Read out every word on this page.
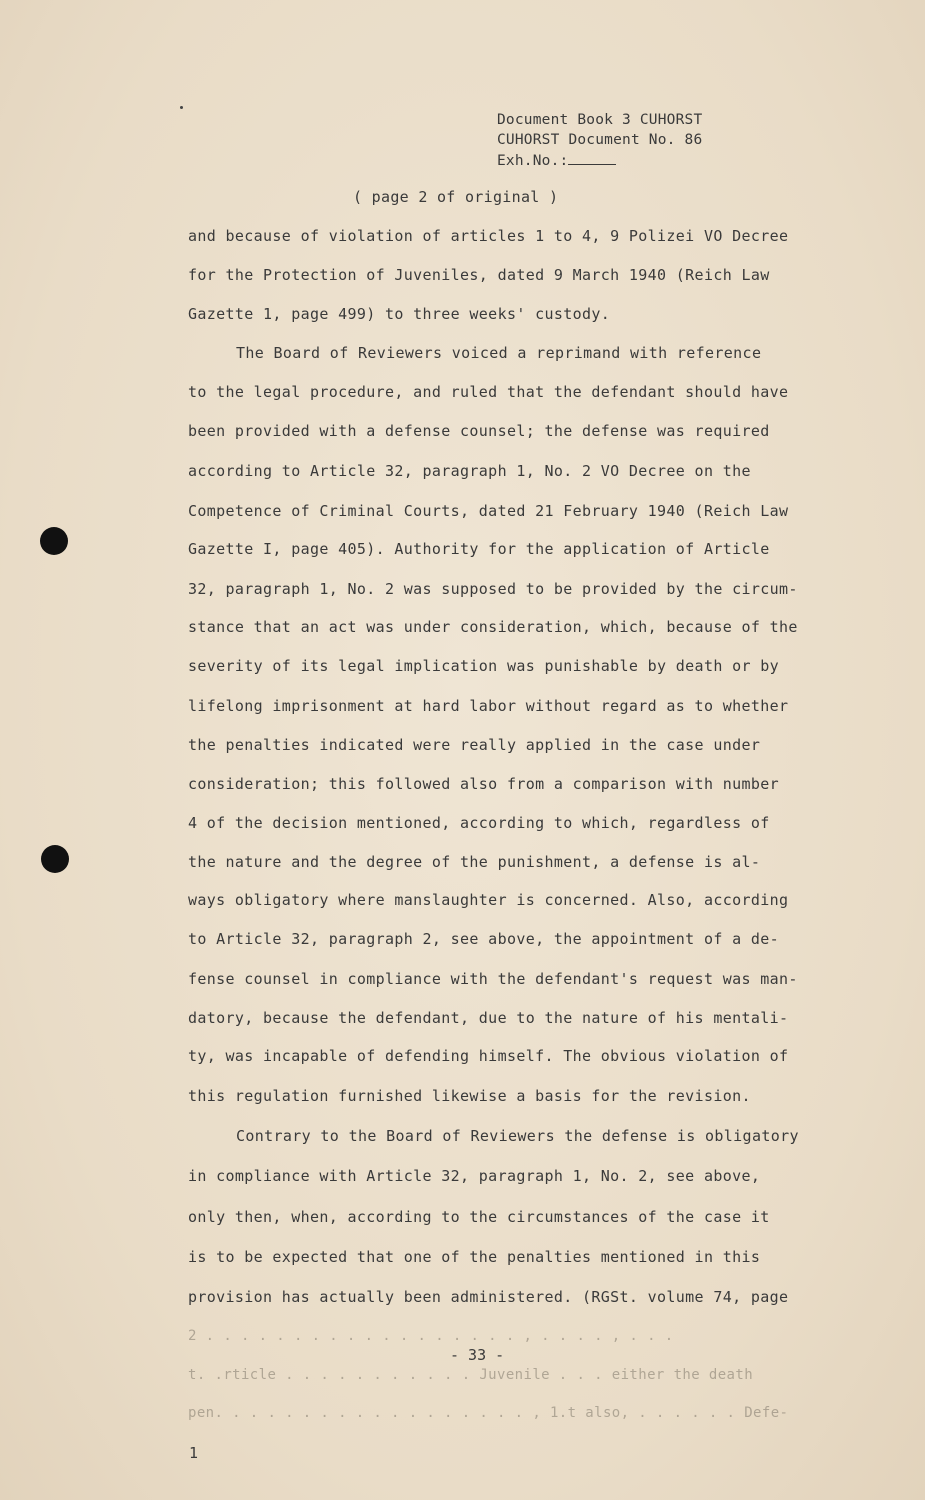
Document Book 3 CUHORST
CUHORST Document No. 86
Exh.No.:
( page 2 of original )
and because of violation of articles 1 to 4, 9 Polizei VO Decree
for the Protection of Juveniles, dated 9 March 1940 (Reich Law
Gazette 1, page 499) to three weeks' custody.
The Board of Reviewers voiced a reprimand with reference
to the legal procedure, and ruled that the defendant should have
been provided with a defense counsel; the defense was required
according to Article 32, paragraph 1, No. 2 VO Decree on the
Competence of Criminal Courts, dated 21 February 1940 (Reich Law
Gazette I, page 405). Authority for the application of Article
32, paragraph 1, No. 2 was supposed to be provided by the circum-
stance that an act was under consideration, which, because of the
severity of its legal implication was punishable by death or by
lifelong imprisonment at hard labor without regard as to whether
the penalties indicated were really applied in the case under
consideration; this followed also from a comparison with number
4 of the decision mentioned, according to which, regardless of
the nature and the degree of the punishment, a defense is al-
ways obligatory where manslaughter is concerned. Also, according
to Article 32, paragraph 2, see above, the appointment of a de-
fense counsel in compliance with the defendant's request was man-
datory, because the defendant, due to the nature of his mentali-
ty, was incapable of defending himself. The obvious violation of
this regulation furnished likewise a basis for the revision.
Contrary to the Board of Reviewers the defense is obligatory
in compliance with Article 32, paragraph 1, No. 2, see above,
only then, when, according to the circumstances of the case it
is to be expected that one of the penalties mentioned in this
provision has actually been administered. (RGSt. volume 74, page
2 . . . . . . . . . . . . . . . . . . , . . . . , . . .
- 33 -
t. .rticle . . . . . . . . . . . Juvenile . . . either the death
pen. . . . . . . . . . . . . . . . . . , 1.t also, . . . . . . Defe-
1
